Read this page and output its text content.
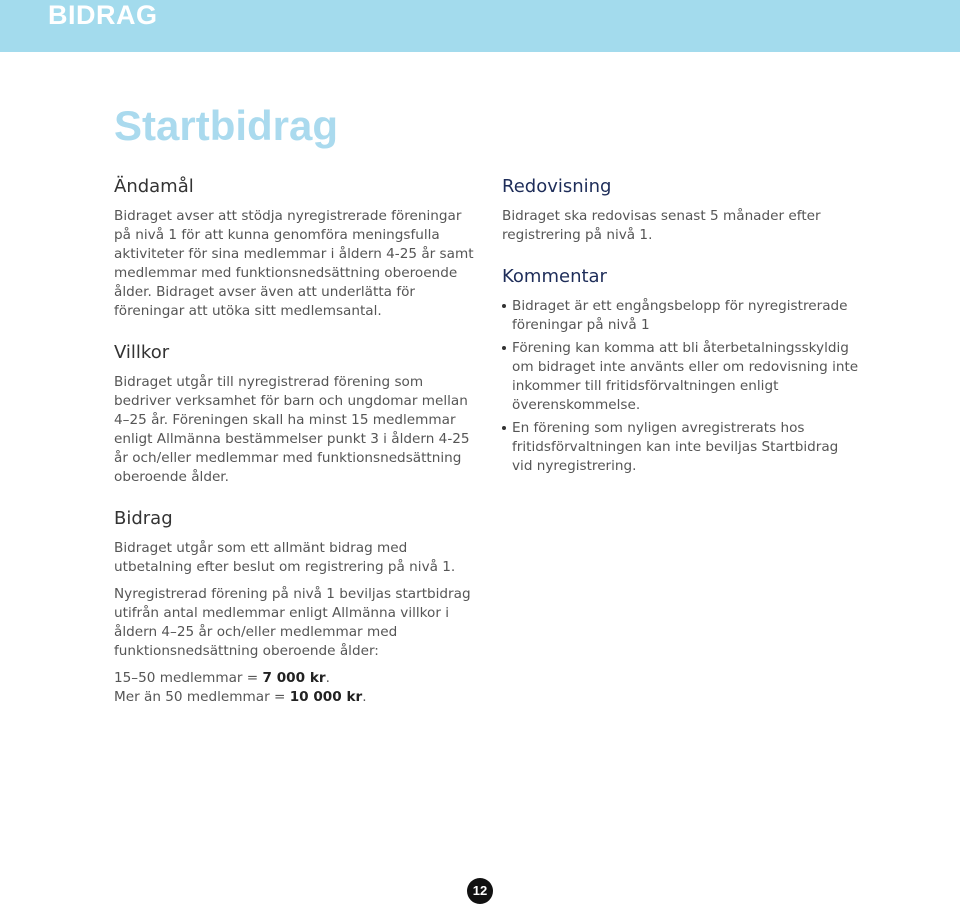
BIDRAG
Startbidrag
Ändamål

Bidraget avser att stödja nyregistrerade föreningar på nivå 1 för att kunna genomföra meningsfulla aktiviteter för sina medlemmar i åldern 4-25 år samt medlemmar med funktionsnedsättning oberoende ålder. Bidraget avser även att underlätta för föreningar att utöka sitt medlemsantal.

Villkor

Bidraget utgår till nyregistrerad förening som bedriver verksamhet för barn och ungdomar mellan 4–25 år. Föreningen skall ha minst 15 medlemmar enligt Allmänna bestämmelser punkt 3 i åldern 4-25 år och/eller medlemmar med funktionsnedsättning oberoende ålder.

Bidrag

Bidraget utgår som ett allmänt bidrag med utbetalning efter beslut om registrering på nivå 1.

Nyregistrerad förening på nivå 1 beviljas startbidrag utifrån antal medlemmar enligt Allmänna villkor i åldern 4–25 år och/eller medlemmar med funktionsnedsättning oberoende ålder:

15–50 medlemmar = 7 000 kr.

Mer än 50 medlemmar = 10 000 kr.

Redovisning

Bidraget ska redovisas senast 5 månader efter registrering på nivå 1.

Kommentar
Bidraget är ett engångsbelopp för nyregistrerade föreningar på nivå 1
Förening kan komma att bli återbetalningsskyldig om bidraget inte använts eller om redovisning inte inkommer till fritidsförvaltningen enligt överenskommelse.
En förening som nyligen avregistrerats hos fritidsförvaltningen kan inte beviljas Startbidrag vid nyregistrering.
12
